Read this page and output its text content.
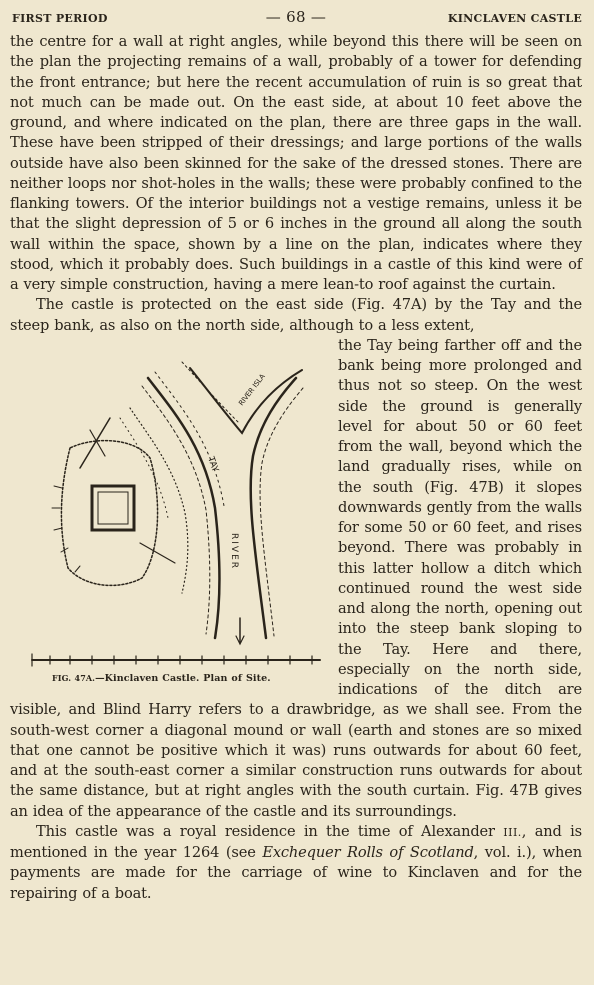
FIRST PERIOD	— 68 —	KINCLAVEN CASTLE

the centre for a wall at right angles, while beyond this there will be seen on the plan the projecting remains of a wall, probably of a tower for defending the front entrance; but here the recent accumulation of ruin is so great that not much can be made out. On the east side, at about 10 feet above the ground, and where indicated on the plan, there are three gaps in the wall. These have been stripped of their dressings; and large portions of the walls outside have also been skinned for the sake of the dressed stones. There are neither loops nor shot-holes in the walls; these were probably confined to the flanking towers. Of the interior buildings not a vestige remains, unless it be that the slight depression of 5 or 6 inches in the ground all along the south wall within the space, shown by a line on the plan, indicates where they stood, which it probably does. Such buildings in a castle of this kind were of a very simple construction, having a mere lean-to roof against the curtain.

The castle is protected on the east side (Fig. 47A) by the Tay and the steep bank, as also on the north side, although to a less extent,

RIVER
TAY
RIVER ISLA
FIG. 47A.—Kinclaven Castle. Plan of Site.
the Tay being farther off and the bank being more prolonged and thus not so steep. On the west side the ground is generally level for about 50 or 60 feet from the wall, beyond which the land gradually rises, while on the south (Fig. 47B) it slopes downwards gently from the walls for some 50 or 60 feet, and rises beyond. There was probably in this latter hollow a ditch which continued round the west side and along the north, opening out into the steep bank sloping to the Tay. Here and there, especially on the north side, indications of the ditch are visible, and Blind Harry refers to a drawbridge, as we shall see. From the south-west corner a diagonal mound or wall (earth and stones are so mixed that one cannot be positive which it was) runs outwards for about 60 feet, and at the south-east corner a similar construction runs outwards for about the same distance, but at right angles with the south curtain. Fig. 47B gives an idea of the appearance of the castle and its surroundings.

This castle was a royal residence in the time of Alexander III., and is mentioned in the year 1264 (see Exchequer Rolls of Scotland, vol. i.), when payments are made for the carriage of wine to Kinclaven and for the repairing of a boat.
